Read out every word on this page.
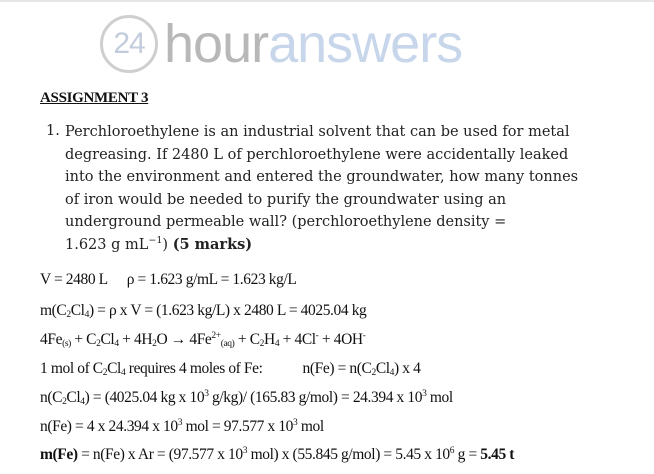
24 houranswers
ASSIGNMENT 3
1. Perchloroethylene is an industrial solvent that can be used for metal
degreasing. If 2480 L of perchloroethylene were accidentally leaked
into the environment and entered the groundwater, how many tonnes
of iron would be needed to purify the groundwater using an
underground permeable wall? (perchloroethylene density =
1.623 g $mL^{-1}$) (5 marks)
V = 2480 L ρ = 1.623 g/mL = 1.623 kg/L
$m(C_2Cl_4) = \rho$ x V = (1.623 kg/L) x 2480 L = 4025.04 kg
$4Fe_{(s)} + C_2Cl_4 + 4H_2O \to 4Fe^{2+}_{(aq)} + C_2H_4 + 4Cl^- + 4OH^-$
1 mol of $C_2Cl_4$ requires 4 moles of Fe:	$n(Fe) = n(C_2Cl_4)$ x 4
$n(C_2Cl_4) = (4025.04$ kg x $10^3$ g/kg)/ (165.83 g/mol) = 24.394 x $10^3$ mol
n(Fe) = 4 x 24.394 x $10^3$ mol = 97.577 x $10^3$ mol
m(Fe) = n(Fe) x Ar = (97.577 x $10^3$ mol) x (55.845 g/mol) = 5.45 x $10^6$ g = 5.45 t
